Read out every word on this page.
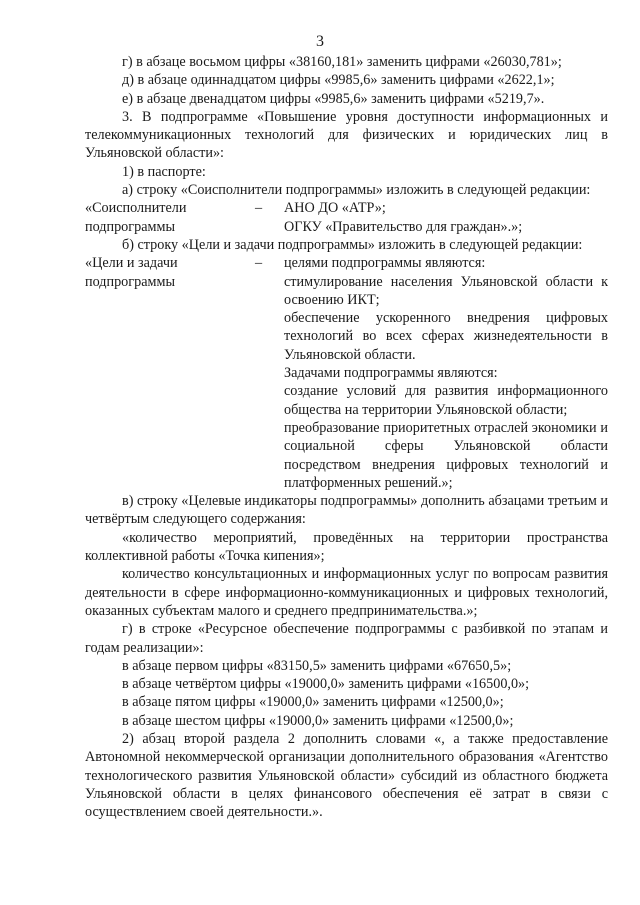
3

г) в абзаце восьмом цифры «38160,181» заменить цифрами «26030,781»;

д) в абзаце одиннадцатом цифры «9985,6» заменить цифрами «2622,1»;

е) в абзаце двенадцатом цифры «9985,6» заменить цифрами «5219,7».

3. В подпрограмме «Повышение уровня доступности информационных и телекоммуникационных технологий для физических и юридических лиц в Ульяновской области»:

1) в паспорте:

а) строку «Соисполнители подпрограммы» изложить в следующей редакции:

«Соисполнители
подпрограммы
–	АНО ДО «АТР»;
ОГКУ «Правительство для граждан».»;

б) строку «Цели и задачи подпрограммы» изложить в следующей редакции:

«Цели и задачи
подпрограммы
–	целями подпрограммы являются:
стимулирование населения Ульяновской области к освоению ИКТ;
обеспечение ускоренного внедрения цифровых технологий во всех сферах жизнедеятельности в Ульяновской области.
Задачами подпрограммы являются:
создание условий для развития информационного общества на территории Ульяновской области;
преобразование приоритетных отраслей экономики и социальной сферы Ульяновской области посредством внедрения цифровых технологий и платформенных решений.»;

в) строку «Целевые индикаторы подпрограммы» дополнить абзацами третьим и четвёртым следующего содержания:

«количество мероприятий, проведённых на территории пространства коллективной работы «Точка кипения»;

количество консультационных и информационных услуг по вопросам развития деятельности в сфере информационно-коммуникационных и цифровых технологий, оказанных субъектам малого и среднего предпринимательства.»;

г) в строке «Ресурсное обеспечение подпрограммы с разбивкой по этапам и годам реализации»:

в абзаце первом цифры «83150,5» заменить цифрами «67650,5»;

в абзаце четвёртом цифры «19000,0» заменить цифрами «16500,0»;

в абзаце пятом цифры «19000,0» заменить цифрами «12500,0»;

в абзаце шестом цифры «19000,0» заменить цифрами «12500,0»;

2) абзац второй раздела 2 дополнить словами «, а также предоставление Автономной некоммерческой организации дополнительного образования «Агентство технологического развития Ульяновской области» субсидий из областного бюджета Ульяновской области в целях финансового обеспечения её затрат в связи с осуществлением своей деятельности.».
